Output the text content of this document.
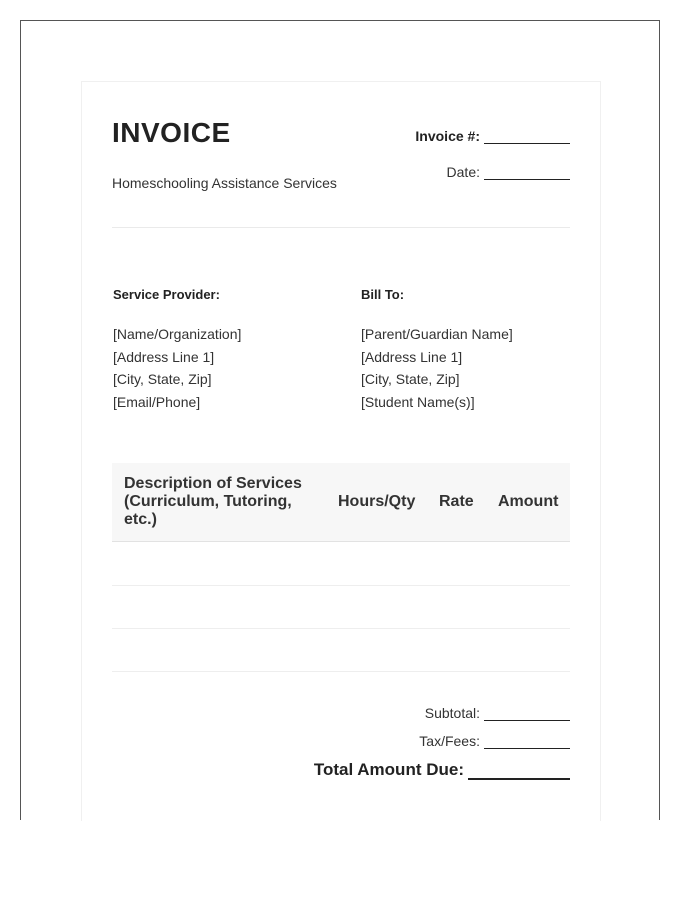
INVOICE
Homeschooling Assistance Services
Invoice #:
Date:
Service Provider:
[Name/Organization]
[Address Line 1]
[City, State, Zip]
[Email/Phone]
Bill To:
[Parent/Guardian Name]
[Address Line 1]
[City, State, Zip]
[Student Name(s)]
Description of Services (Curriculum, Tutoring, etc.)
Hours/Qty Rate Amount
Subtotal:
Tax/Fees:
Total Amount Due:
